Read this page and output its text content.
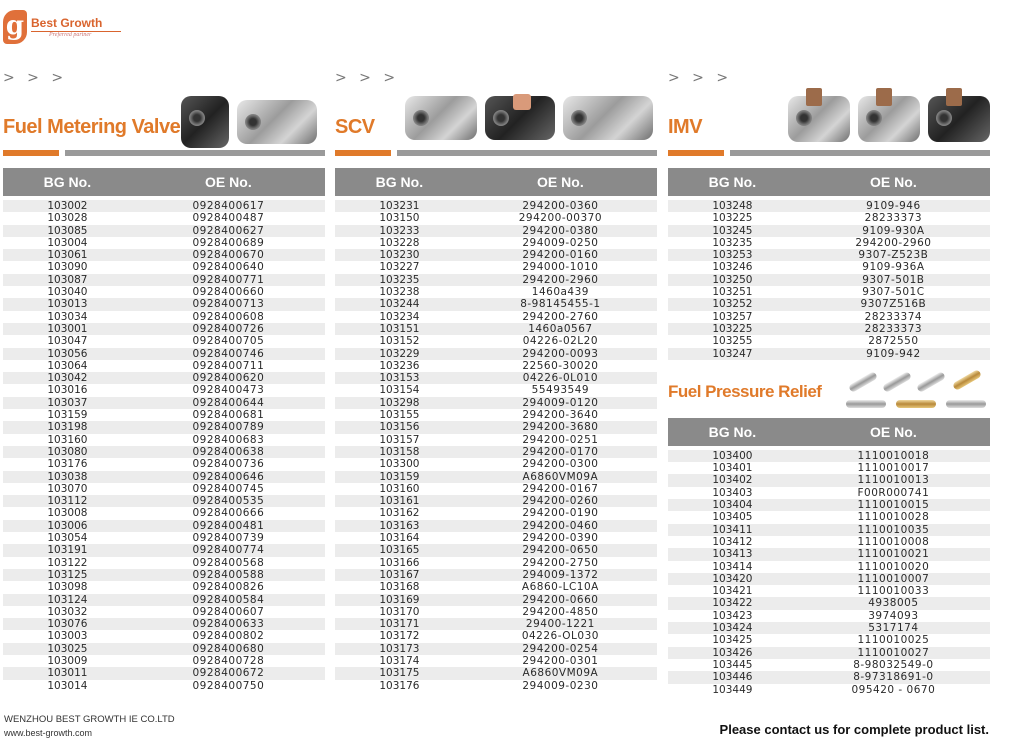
g Best Growth
Preferred partner
> > >
Fuel Metering Valve
BG No.	OE No.
103002	0928400617
103028	0928400487
103085	0928400627
103004	0928400689
103061	0928400670
103090	0928400640
103087	0928400771
103040	0928400660
103013	0928400713
103034	0928400608
103001	0928400726
103047	0928400705
103056	0928400746
103064	0928400711
103042	0928400620
103016	0928400473
103037	0928400644
103159	0928400681
103198	0928400789
103160	0928400683
103080	0928400638
103176	0928400736
103038	0928400646
103070	0928400745
103112	0928400535
103008	0928400666
103006	0928400481
103054	0928400739
103191	0928400774
103122	0928400568
103125	0928400588
103098	0928400826
103124	0928400584
103032	0928400607
103076	0928400633
103003	0928400802
103025	0928400680
103009	0928400728
103011	0928400672
103014	0928400750
> > >
SCV
BG No.	OE No.
103231	294200-0360
103150	294200-00370
103233	294200-0380
103228	294009-0250
103230	294200-0160
103227	294000-1010
103235	294200-2960
103238	1460a439
103244	8-98145455-1
103234	294200-2760
103151	1460a0567
103152	04226-02L20
103229	294200-0093
103236	22560-30020
103153	04226-0L010
103154	55493549
103298	294009-0120
103155	294200-3640
103156	294200-3680
103157	294200-0251
103158	294200-0170
103300	294200-0300
103159	A6860VM09A
103160	294200-0167
103161	294200-0260
103162	294200-0190
103163	294200-0460
103164	294200-0390
103165	294200-0650
103166	294200-2750
103167	294009-1372
103168	A6860-LC10A
103169	294200-0660
103170	294200-4850
103171	29400-1221
103172	04226-OL030
103173	294200-0254
103174	294200-0301
103175	A6860VM09A
103176	294009-0230
> > >
IMV
BG No.	OE No.
103248	9109-946
103225	28233373
103245	9109-930A
103235	294200-2960
103253	9307-Z523B
103246	9109-936A
103250	9307-501B
103251	9307-501C
103252	9307Z516B
103257	28233374
103225	28233373
103255	2872550
103247	9109-942
Fuel Pressure Relief
BG No.	OE No.
103400	1110010018
103401	1110010017
103402	1110010013
103403	F00R000741
103404	1110010015
103405	1110010028
103411	1110010035
103412	1110010008
103413	1110010021
103414	1110010020
103420	1110010007
103421	1110010033
103422	4938005
103423	3974093
103424	5317174
103425	1110010025
103426	1110010027
103445	8-98032549-0
103446	8-97318691-0
103449	095420 - 0670
WENZHOU BEST GROWTH IE CO.LTD
www.best-growth.com	Please contact us for complete product list.
